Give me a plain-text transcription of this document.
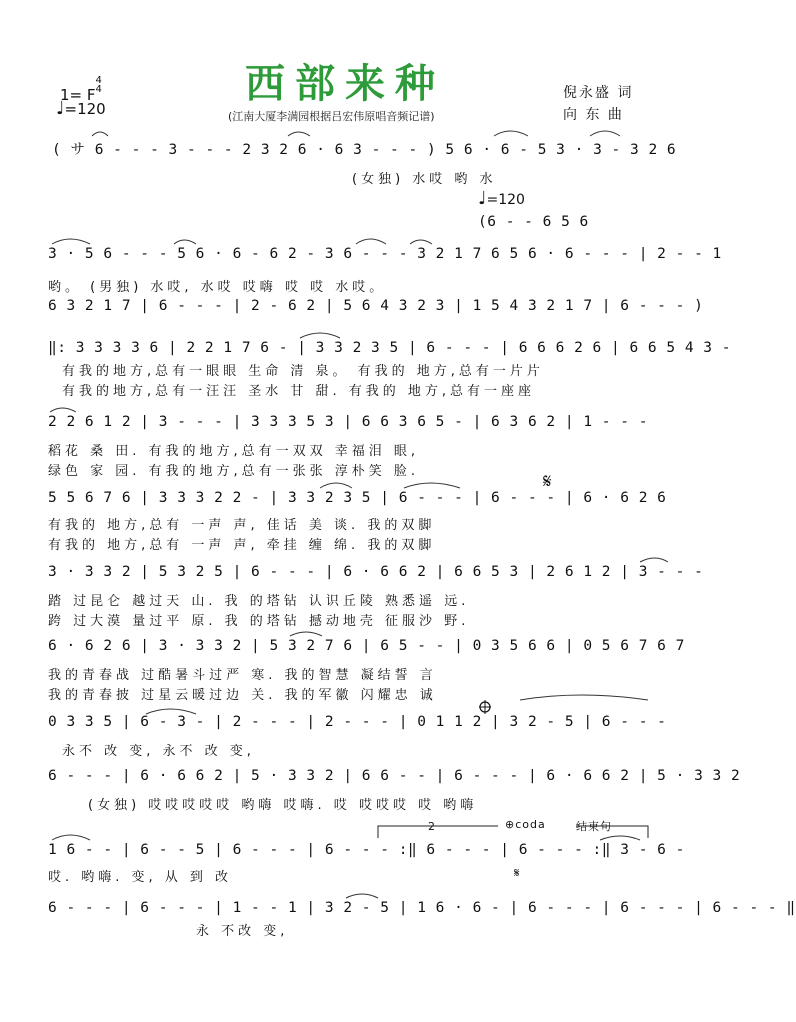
西部来种
$1= F^{4 4}$
♩=120	(江南大厦李满园根据吕宏伟原唱音频记谱)
倪永盛 词
向 东 曲
( サ 6 - - - 3 - - - 2 3 2 6 · 6 3 - - - ) 5 6 · 6 - 5 3 · 3 - 3 2 6
(女独) 水哎 哟 水
♩=120
(6 - - 6 5 6
3 · 5 6 - - - 5 6 · 6 - 6 2 - 3 6 - - - 3 2 1 7 6 5 6 · 6 - - - | 2 - - 1
哟。 (男独) 水哎, 水哎 哎嗨 哎 哎 水哎。
6 3 2 1 7 | 6 - - - | 2 - 6 2 | 5 6 4 3 2 3 | 1 5 4 3 2 1 7 | 6 - - - )
‖: 3 3 3 3 6 | 2 2 1 7 6 - | 3 3 2 3 5 | 6 - - - | 6 6 6 2 6 | 6 6 5 4 3 -
有我的地方,总有一眼眼 生命 清 泉。 有我的 地方,总有一片片
有我的地方,总有一汪汪 圣水 甘 甜. 有我的 地方,总有一座座
2 2 6 1 2 | 3 - - - | 3 3 3 5 3 | 6 6 3 6 5 - | 6 3 6 2 | 1 - - -
稻花 桑 田. 有我的地方,总有一双双 幸福泪 眼,
绿色 家 园. 有我的地方,总有一张张 淳朴笑 脸.
5 5 6 7 6 | 3 3 3 2 2 - | 3 3 2 3 5 | 6 - - - | 6 - - - | 6 · 6 2 6
有我的 地方,总有 一声 声, 佳话 美 谈. 我的双脚
有我的 地方,总有 一声 声, 牵挂 缠 绵. 我的双脚
3 · 3 3 2 | 5 3 2 5 | 6 - - - | 6 · 6 6 2 | 6 6 5 3 | 2 6 1 2 | 3 - - -
踏 过昆仑 越过天 山. 我 的塔钻 认识丘陵 熟悉遥 远.
跨 过大漠 量过平 原. 我 的塔钻 撼动地壳 征服沙 野.
6 · 6 2 6 | 3 · 3 3 2 | 5 3 2 7 6 | 6 5 - - | 0 3 5 6 6 | 0 5 6 7 6 7
我的青春战 过酷暑斗过严 寒. 我的智慧 凝结誓 言
我的青春披 过星云暖过边 关. 我的军徽 闪耀忠 诚
0 3 3 5 | 6 - 3 - | 2 - - - | 2 - - - | 0 1 1 2 | 3 2 - 5 | 6 - - -
永不 改 变, 永不 改 变,
6 - - - | 6 · 6 6 2 | 5 · 3 3 2 | 6 6 - - | 6 - - - | 6 · 6 6 2 | 5 · 3 3 2
(女独) 哎哎哎哎哎 哟嗨 哎嗨. 哎 哎哎哎 哎 哟嗨
2	⊕coda	结束句
1 6 - - | 6 - - 5 | 6 - - - | 6 - - - :‖ 6 - - - | 6 - - - :‖ 3 - 6 -
哎. 哟嗨. 变, 从 到 改	𝄋
6 - - - | 6 - - - | 1 - - 1 | 3 2 - 5 | 1 6 · 6 - | 6 - - - | 6 - - - | 6 - - - ‖
永 不改 变,
𝄋
